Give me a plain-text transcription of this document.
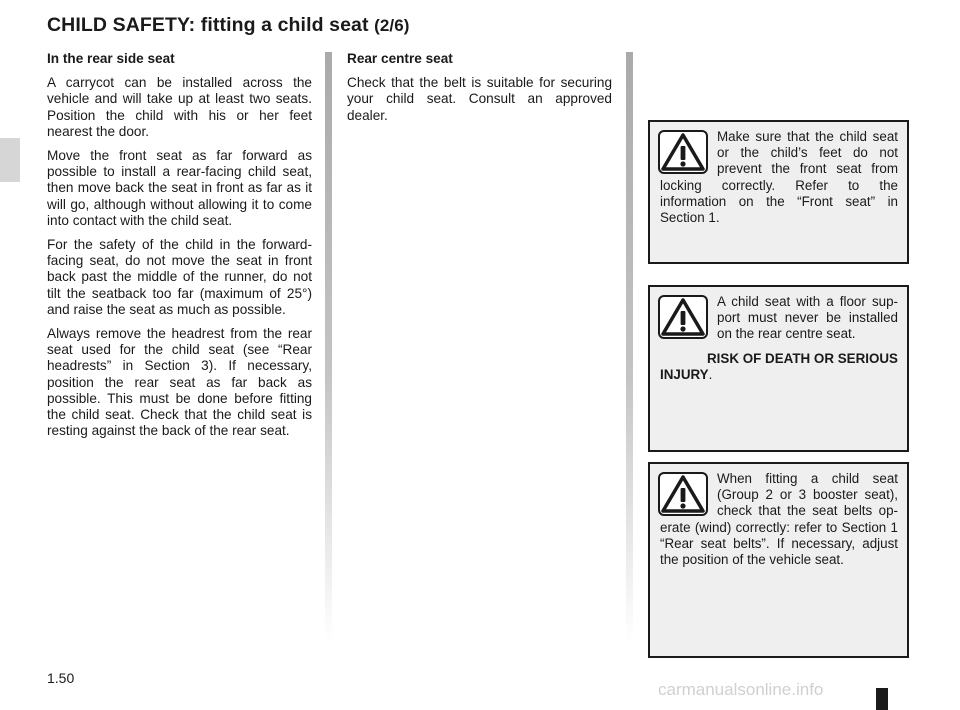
CHILD SAFETY: fitting a child seat (2/6)

In the rear side seat

A carrycot can be installed across the vehicle and will take up at least two seats. Position the child with his or her feet nearest the door.

Move the front seat as far forward as possible to install a rear-facing child seat, then move back the seat in front as far as it will go, although without allowing it to come into contact with the child seat.

For the safety of the child in the forward-facing seat, do not move the seat in front back past the middle of the runner, do not tilt the seatback too far (maximum of 25°) and raise the seat as much as possible.

Always remove the headrest from the rear seat used for the child seat (see “Rear headrests” in Section 3). If necessary, position the rear seat as far back as possible. This must be done before fitting the child seat. Check that the child seat is resting against the back of the rear seat.

Rear centre seat

Check that the belt is suitable for securing your child seat. Consult an approved dealer.

Make sure that the child seat or the child’s feet do not prevent the front seat from locking correctly. Refer to the information on the “Front seat” in Section 1.

A child seat with a floor support must never be installed on the rear centre seat.

RISK OF DEATH OR SERIOUS INJURY.

When fitting a child seat (Group 2 or 3 booster seat), check that the seat belts operate (wind) correctly: refer to Section 1 “Rear seat belts”. If necessary, adjust the position of the vehicle seat.

1.50
carmanualsonline.info
